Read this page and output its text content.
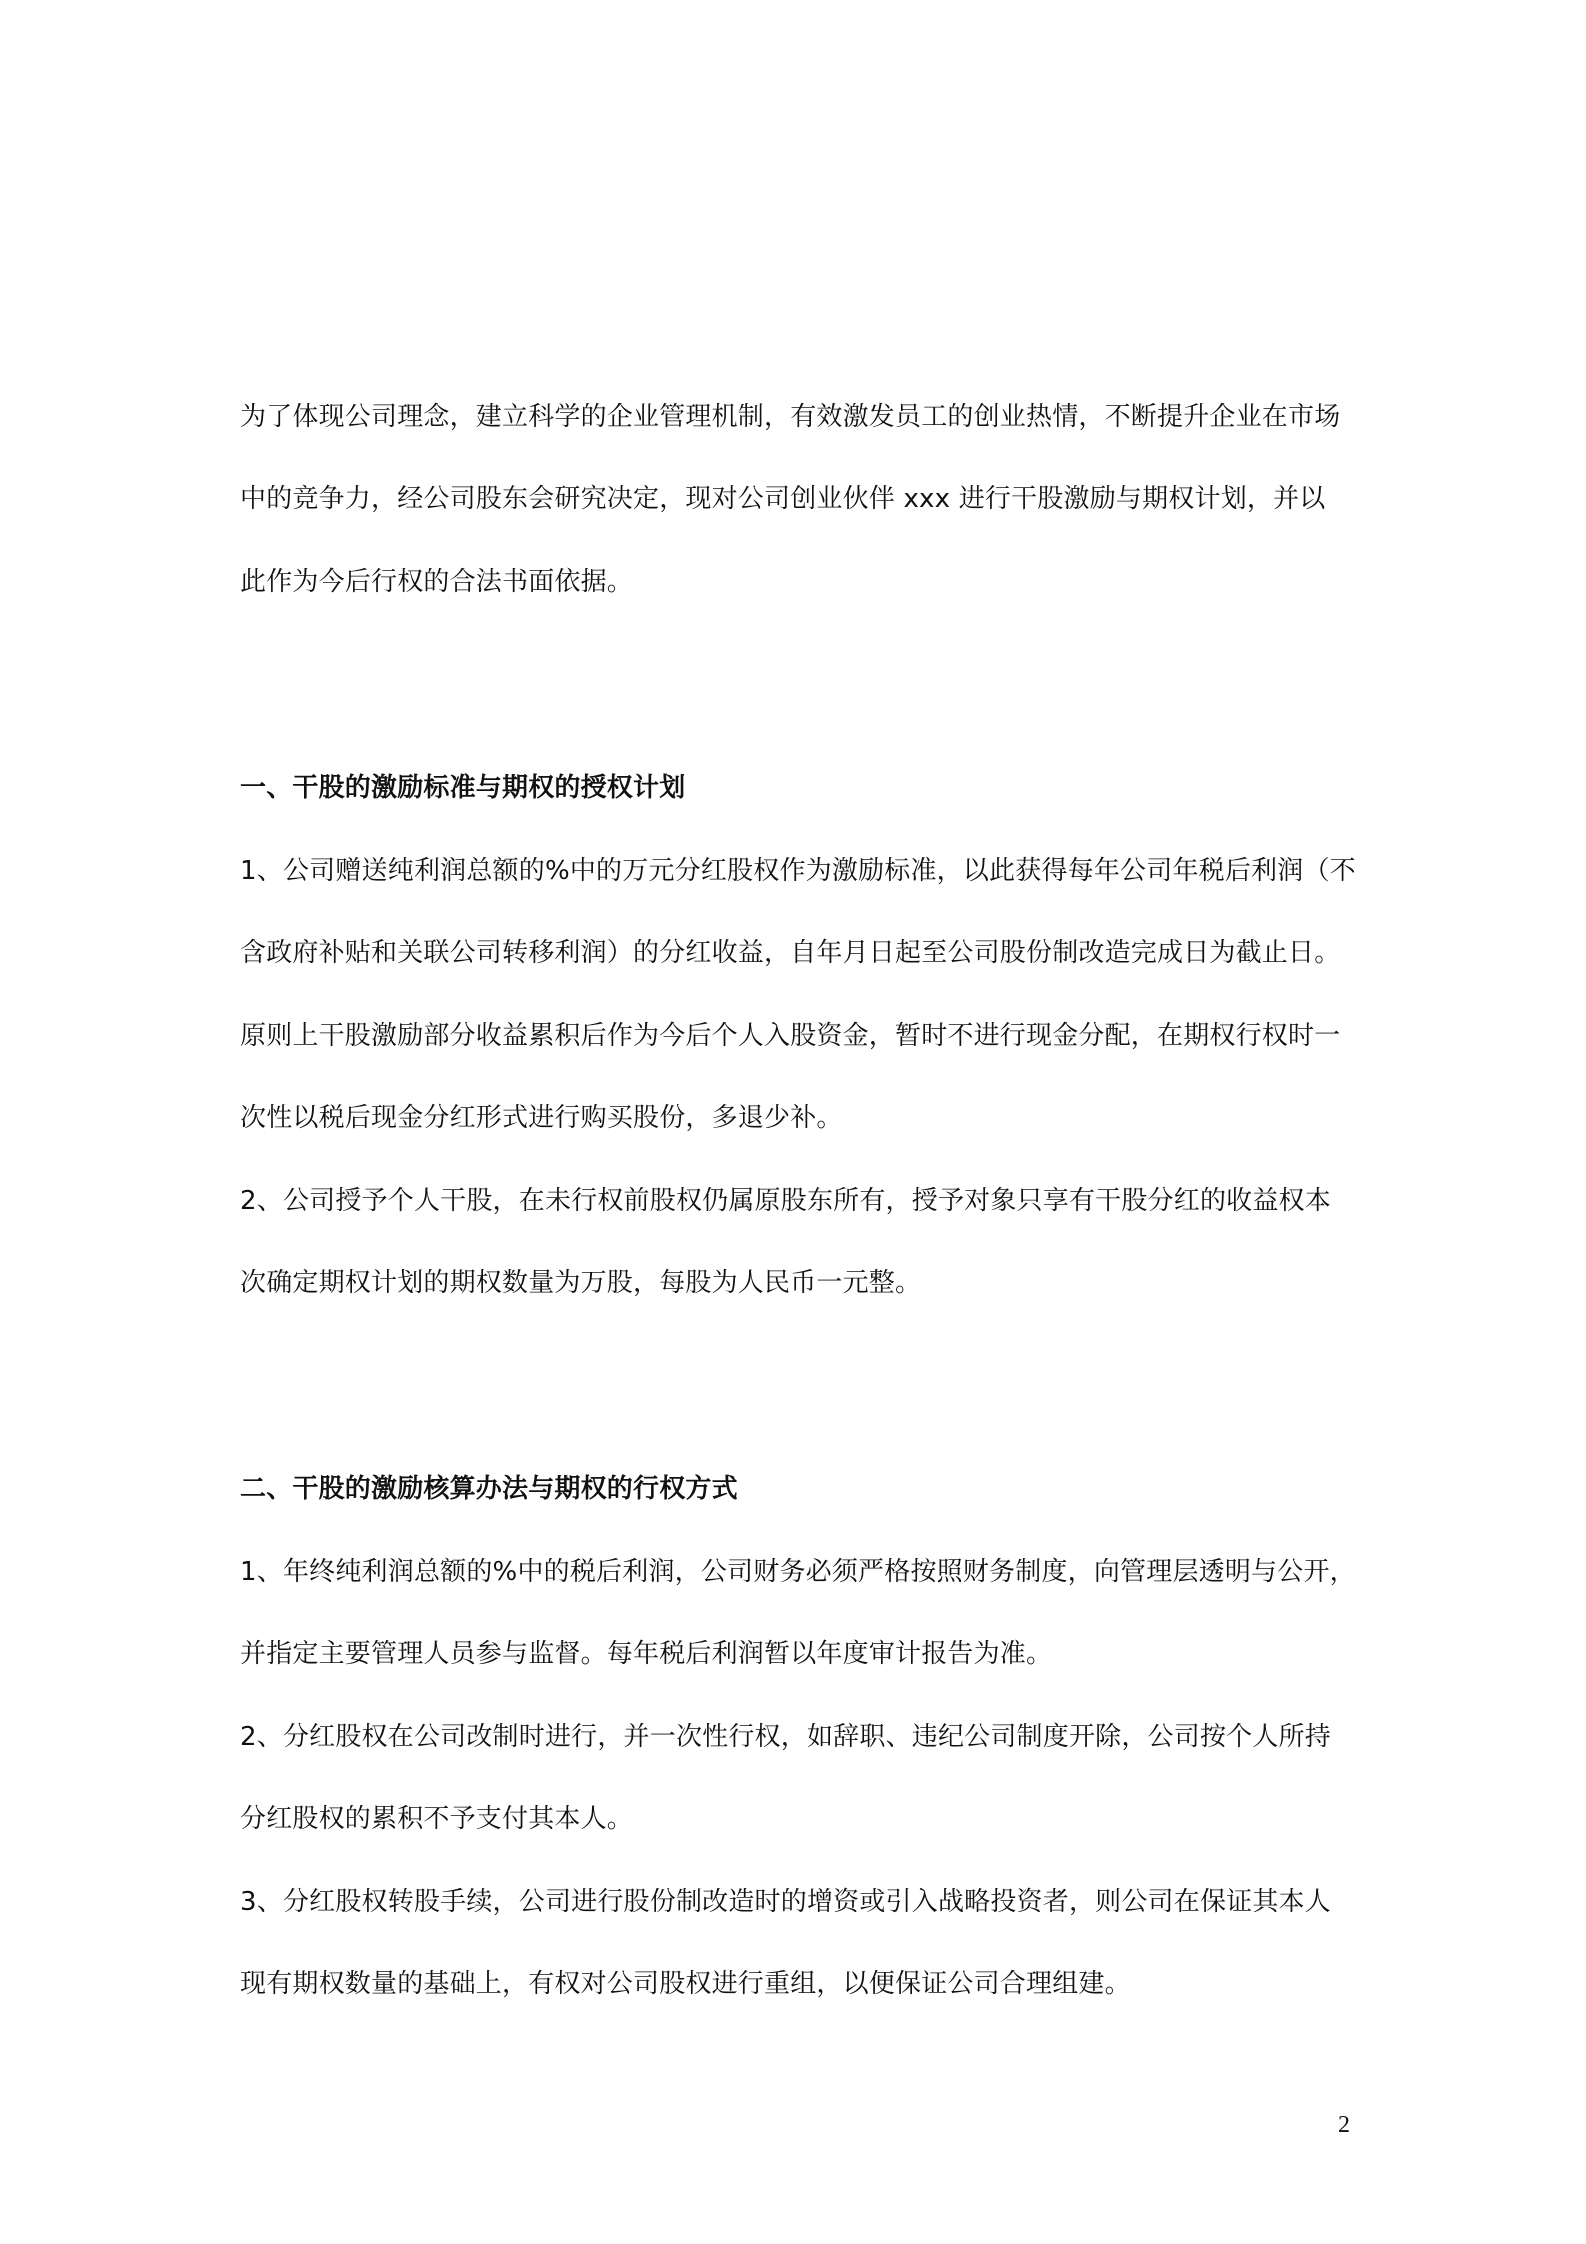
为了体现公司理念，建立科学的企业管理机制，有效激发员工的创业热情，不断提升企业在市场
中的竞争力，经公司股东会研究决定，现对公司创业伙伴 xxx 进行干股激励与期权计划，并以
此作为今后行权的合法书面依据。
一、干股的激励标准与期权的授权计划
1、公司赠送纯利润总额的%中的万元分红股权作为激励标准，以此获得每年公司年税后利润（不
含政府补贴和关联公司转移利润）的分红收益，自年月日起至公司股份制改造完成日为截止日。
原则上干股激励部分收益累积后作为今后个人入股资金，暂时不进行现金分配，在期权行权时一
次性以税后现金分红形式进行购买股份，多退少补。
2、公司授予个人干股，在未行权前股权仍属原股东所有，授予对象只享有干股分红的收益权本
次确定期权计划的期权数量为万股，每股为人民币一元整。
二、干股的激励核算办法与期权的行权方式
1、年终纯利润总额的%中的税后利润，公司财务必须严格按照财务制度，向管理层透明与公开，
并指定主要管理人员参与监督。每年税后利润暂以年度审计报告为准。
2、分红股权在公司改制时进行，并一次性行权，如辞职、违纪公司制度开除，公司按个人所持
分红股权的累积不予支付其本人。
3、分红股权转股手续，公司进行股份制改造时的增资或引入战略投资者，则公司在保证其本人
现有期权数量的基础上，有权对公司股权进行重组，以便保证公司合理组建。
2
